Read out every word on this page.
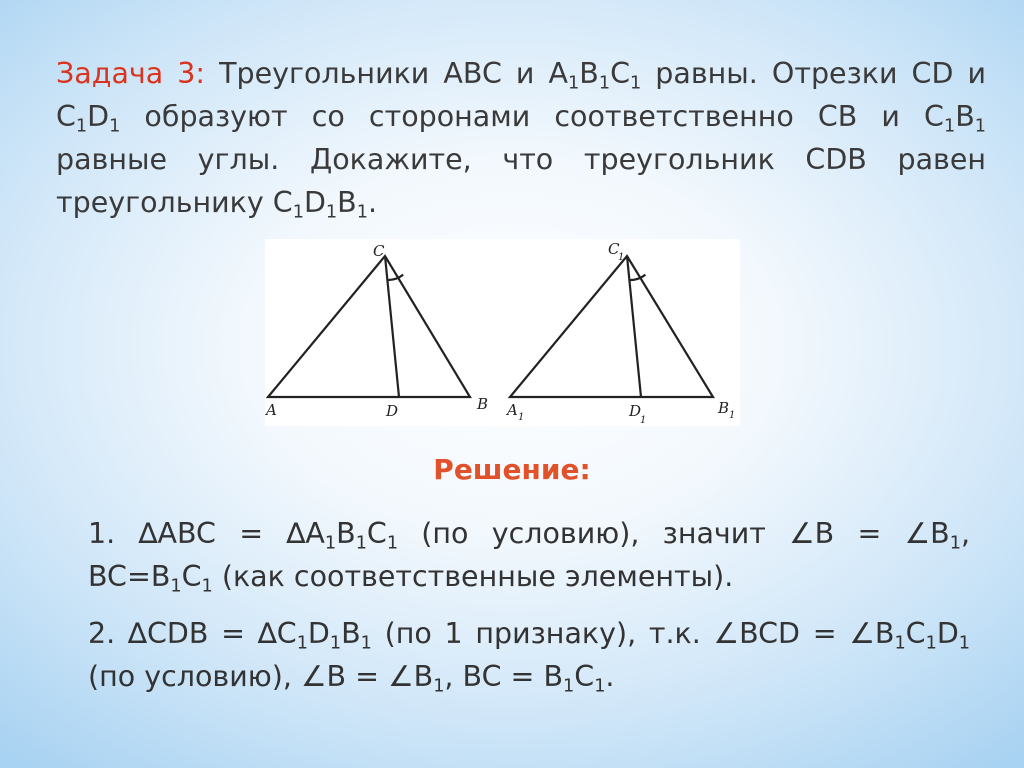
Задача 3: Треугольники ABC и $A_1B_1C_1$ равны. Отрезки CD и $C_1D_1$ образуют со сторонами соответственно CB и $C_1B_1$ равные углы. Докажите, что треугольник CDB равен треугольнику $C_1D_1B_1$.
C
A	D	B
C
1
A 1	D
1
B 1
Решение:
1. $\Delta ABC = \Delta A_1B_1C_1$ (по условию), значит ∠B = $\angle B_1$, $BC=B_1C_1$ (как соответственные элементы).
2. $\Delta CDB = \Delta C_1D_1B_1$ (по 1 признаку), т.к. ∠BCD = $\angle B_1C_1D_1$ (по условию), ∠B = $\angle B_1$, BC = $B_1C_1$.
